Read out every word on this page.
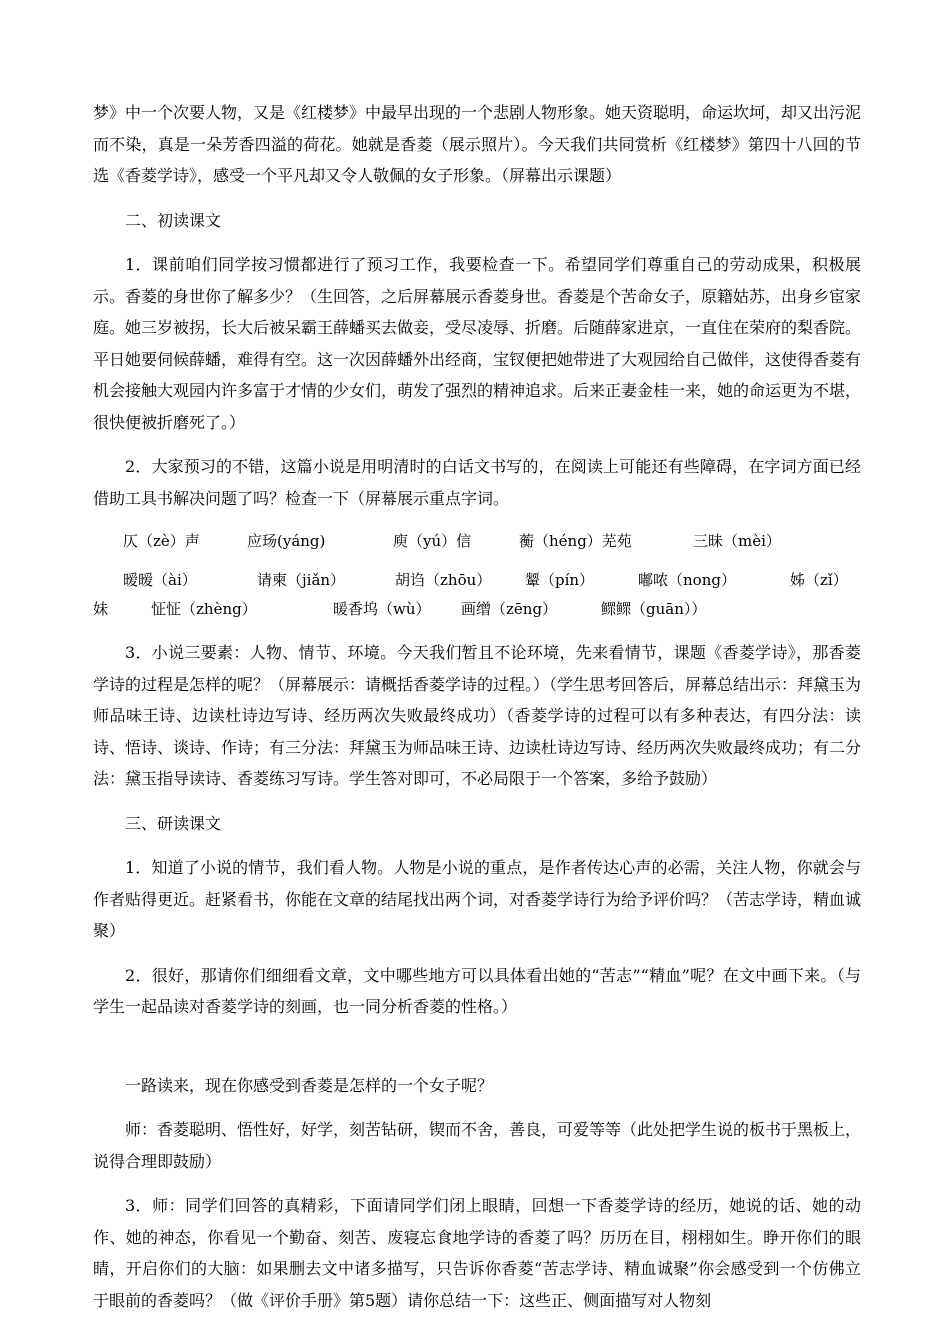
梦》中一个次要人物，又是《红楼梦》中最早出现的一个悲剧人物形象。她天资聪明，命运坎坷，却又出污泥而不染，真是一朵芳香四溢的荷花。她就是香菱（展示照片）。今天我们共同赏析《红楼梦》第四十八回的节选《香菱学诗》，感受一个平凡却又令人敬佩的女子形象。（屏幕出示课题）

二、初读课文

1．课前咱们同学按习惯都进行了预习工作，我要检查一下。希望同学们尊重自己的劳动成果，积极展示。香菱的身世你了解多少？（生回答，之后屏幕展示香菱身世。香菱是个苦命女子，原籍姑苏，出身乡宦家庭。她三岁被拐，长大后被呆霸王薛蟠买去做妾，受尽凌辱、折磨。后随薛家进京，一直住在荣府的梨香院。平日她要伺候薛蟠，难得有空。这一次因薛蟠外出经商，宝钗便把她带进了大观园给自己做伴，这使得香菱有机会接触大观园内许多富于才情的少女们，萌发了强烈的精神追求。后来正妻金桂一来，她的命运更为不堪，很快便被折磨死了。）

2．大家预习的不错，这篇小说是用明清时的白话文书写的，在阅读上可能还有些障碍，在字词方面已经借助工具书解决问题了吗？检查一下（屏幕展示重点字词。

仄（zè）声	应玚(yáng)	庾（yú）信	蘅（héng）芜苑	三昧（mèi）
暧暧（ài）	请柬（jiǎn）	胡诌（zhōu） 颦（pín）	嘟哝（nong）	姊（zǐ）
妹	怔怔（zhèng）	暖香坞（wù） 画缯（zēng）	鳏鳏（guān））

3．小说三要素：人物、情节、环境。今天我们暂且不论环境，先来看情节，课题《香菱学诗》，那香菱学诗的过程是怎样的呢？（屏幕展示：请概括香菱学诗的过程。）（学生思考回答后，屏幕总结出示：拜黛玉为师品味王诗、边读杜诗边写诗、经历两次失败最终成功）（香菱学诗的过程可以有多种表达，有四分法：读诗、悟诗、谈诗、作诗；有三分法：拜黛玉为师品味王诗、边读杜诗边写诗、经历两次失败最终成功；有二分法：黛玉指导读诗、香菱练习写诗。学生答对即可，不必局限于一个答案，多给予鼓励）

三、研读课文

1．知道了小说的情节，我们看人物。人物是小说的重点，是作者传达心声的必需，关注人物，你就会与作者贴得更近。赶紧看书，你能在文章的结尾找出两个词，对香菱学诗行为给予评价吗？（苦志学诗，精血诚聚）

2．很好，那请你们细细看文章，文中哪些地方可以具体看出她的“苦志”“精血”呢？在文中画下来。（与学生一起品读对香菱学诗的刻画，也一同分析香菱的性格。）

一路读来，现在你感受到香菱是怎样的一个女子呢？

师：香菱聪明、悟性好，好学，刻苦钻研，锲而不舍，善良，可爱等等（此处把学生说的板书于黑板上，说得合理即鼓励）

3．师：同学们回答的真精彩，下面请同学们闭上眼睛，回想一下香菱学诗的经历，她说的话、她的动作、她的神态，你看见一个勤奋、刻苦、废寝忘食地学诗的香菱了吗？历历在目，栩栩如生。睁开你们的眼睛，开启你们的大脑：如果删去文中诸多描写，只告诉你香菱“苦志学诗、精血诚聚”你会感受到一个仿佛立于眼前的香菱吗？（做《评价手册》第5题）请你总结一下：这些正、侧面描写对人物刻
